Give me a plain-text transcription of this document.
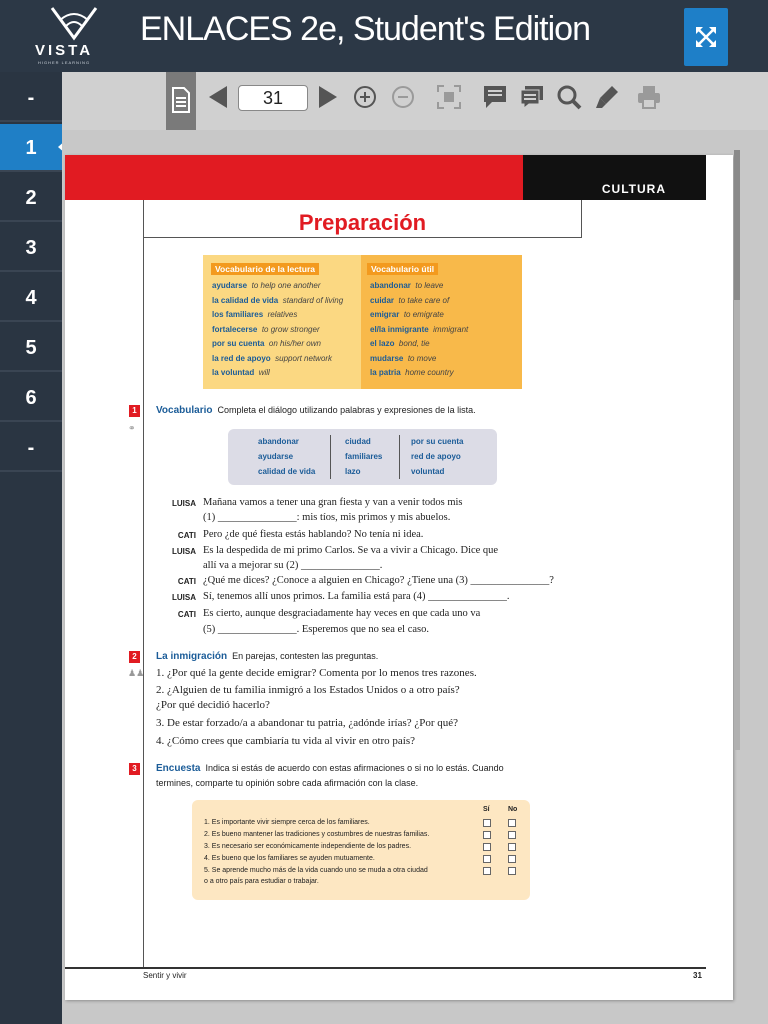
VISTA
HIGHER LEARNING
ENLACES 2e, Student's Edition
-
1
2
3
4
5
6
-
31
CULTURA
Preparación
Vocabulario de la lectura	Vocabulario útil
ayudarse to help one another
la calidad de vida standard of living
los familiares relatives
fortalecerse to grow stronger
por su cuenta on his/her own
la red de apoyo support network
la voluntad will
abandonar to leave
cuidar to take care of
emigrar to emigrate
el/la inmigrante immigrant
el lazo bond, tie
mudarse to move
la patria home country
1
⚭
Vocabulario Completa el diálogo utilizando palabras y expresiones de la lista.
abandonar	ciudad	por su cuenta
ayudarse	familiares	red de apoyo
calidad de vida	lazo	voluntad
LUISA Mañana vamos a tener una gran fiesta y van a venir todos mis
(1) _______________: mis tíos, mis primos y mis abuelos.
CATI Pero ¿de qué fiesta estás hablando? No tenía ni idea.
LUISA Es la despedida de mi primo Carlos. Se va a vivir a Chicago. Dice que
allí va a mejorar su (2) _______________.
CATI ¿Qué me dices? ¿Conoce a alguien en Chicago? ¿Tiene una (3) _______________?
LUISA Sí, tenemos allí unos primos. La familia está para (4) _______________.
CATI Es cierto, aunque desgraciadamente hay veces en que cada uno va
(5) _______________. Esperemos que no sea el caso.
2
♟♟
La inmigración En parejas, contesten las preguntas.
1. ¿Por qué la gente decide emigrar? Comenta por lo menos tres razones.
2. ¿Alguien de tu familia inmigró a los Estados Unidos o a otro país?
¿Por qué decidió hacerlo?
3. De estar forzado/a a abandonar tu patria, ¿adónde irías? ¿Por qué?
4. ¿Cómo crees que cambiaría tu vida al vivir en otro país?
3	Encuesta Indica si estás de acuerdo con estas afirmaciones o si no lo estás. Cuando
termines, comparte tu opinión sobre cada afirmación con la clase.
Sí	No
1. Es importante vivir siempre cerca de los familiares.
2. Es bueno mantener las tradiciones y costumbres de nuestras familias.
3. Es necesario ser económicamente independiente de los padres.
4. Es bueno que los familiares se ayuden mutuamente.
5. Se aprende mucho más de la vida cuando uno se muda a otra ciudad
o a otro país para estudiar o trabajar.
Sentir y vivir	31
